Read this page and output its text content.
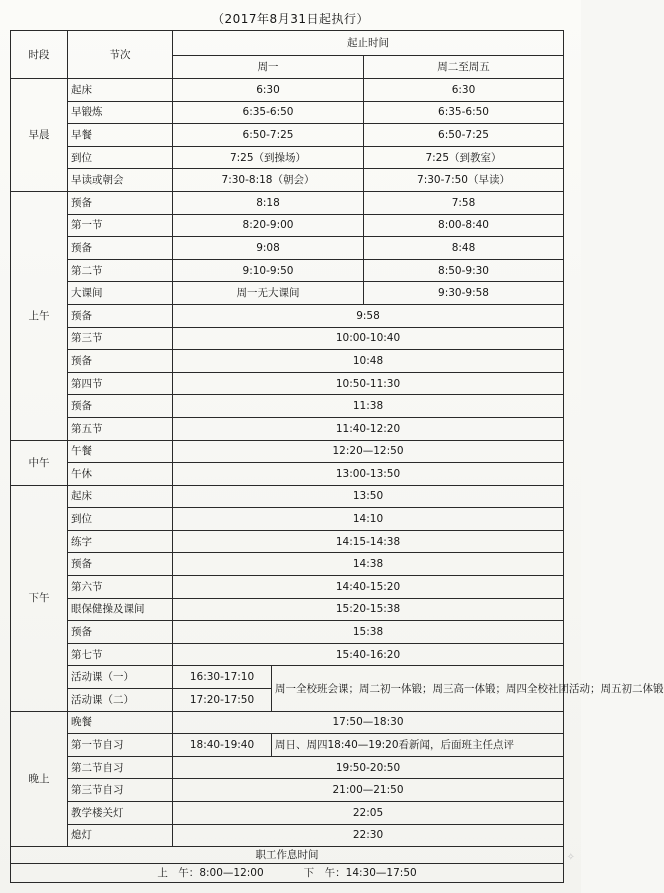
（2017年8月31日起执行）
时段	节次	起止时间		
		周一		周二至周五
早晨	起床	6:30		6:30
	早锻炼	6:35-6:50		6:35-6:50
	早餐	6:50-7:25		6:50-7:25
	到位	7:25（到操场）		7:25（到教室）
	早读或朝会	7:30-8:18（朝会）		7:30-7:50（早读）
上午	预备	8:18		7:58
	第一节	8:20-9:00		8:00-8:40
	预备	9:08		8:48
	第二节	9:10-9:50		8:50-9:30
	大课间	周一无大课间		9:30-9:58
	预备	9:58		
	第三节	10:00-10:40		
	预备	10:48		
	第四节	10:50-11:30		
	预备	11:38		
	第五节	11:40-12:20		
中午	午餐	12:20—12:50		
	午休	13:00-13:50		
下午	起床	13:50		
	到位	14:10		
	练字	14:15-14:38		
	预备	14:38		
	第六节	14:40-15:20		
	眼保健操及课间	15:20-15:38		
	预备	15:38		
	第七节	15:40-16:20		
	活动课（一）	16:30-17:10	周一全校班会课；周二初一体锻；周三高一体锻；周四全校社团活动；周五初二体锻	
	活动课（二）	17:20-17:50		
晚上	晚餐	17:50—18:30		
	第一节自习	18:40-19:40	周日、周四18:40—19:20看新闻，后面班主任点评	
	第二节自习	19:50-20:50		
	第三节自习	21:00—21:50		
	教学楼关灯	22:05		
	熄灯	22:30		
职工作息时间				
上　午：8:00—12:00 下　午：14:30—17:50				
✧
